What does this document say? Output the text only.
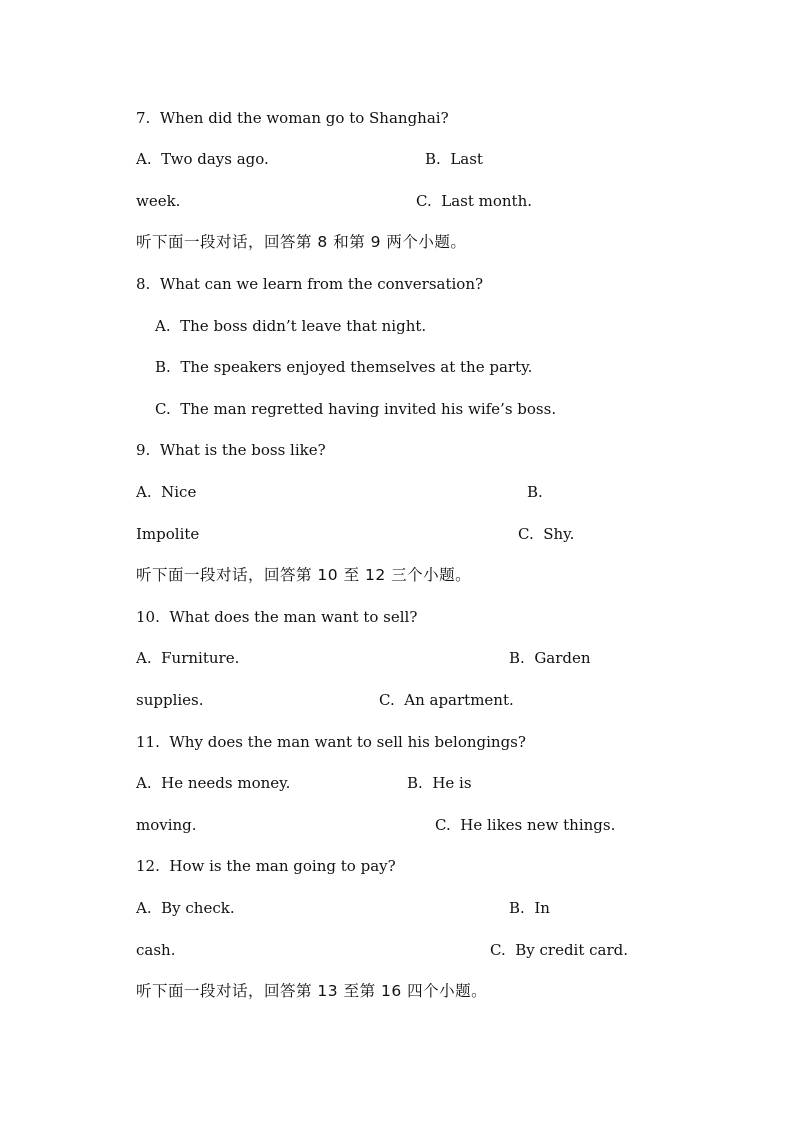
7.  When did the woman go to Shanghai?

A.  Two days ago.

	B.  Last

week.

	C.  Last month.

听下面一段对话，回答第 8 和第 9 两个小题。

8.  What can we learn from the conversation?

A.  The boss didn’t leave that night.

B.  The speakers enjoyed themselves at the party.

C.  The man regretted having invited his wife’s boss.

9.  What is the boss like?

A.  Nice

	B.

Impolite

	C.  Shy.

听下面一段对话，回答第 10 至 12 三个小题。

10.  What does the man want to sell?

A.  Furniture.

	B.  Garden

supplies.

	C.  An apartment.

11.  Why does the man want to sell his belongings?

A.  He needs money.

	B.  He is

moving.

	C.  He likes new things.

12.  How is the man going to pay?

A.  By check.

	B.  In

cash.

	C.  By credit card.

听下面一段对话，回答第 13 至第 16 四个小题。
